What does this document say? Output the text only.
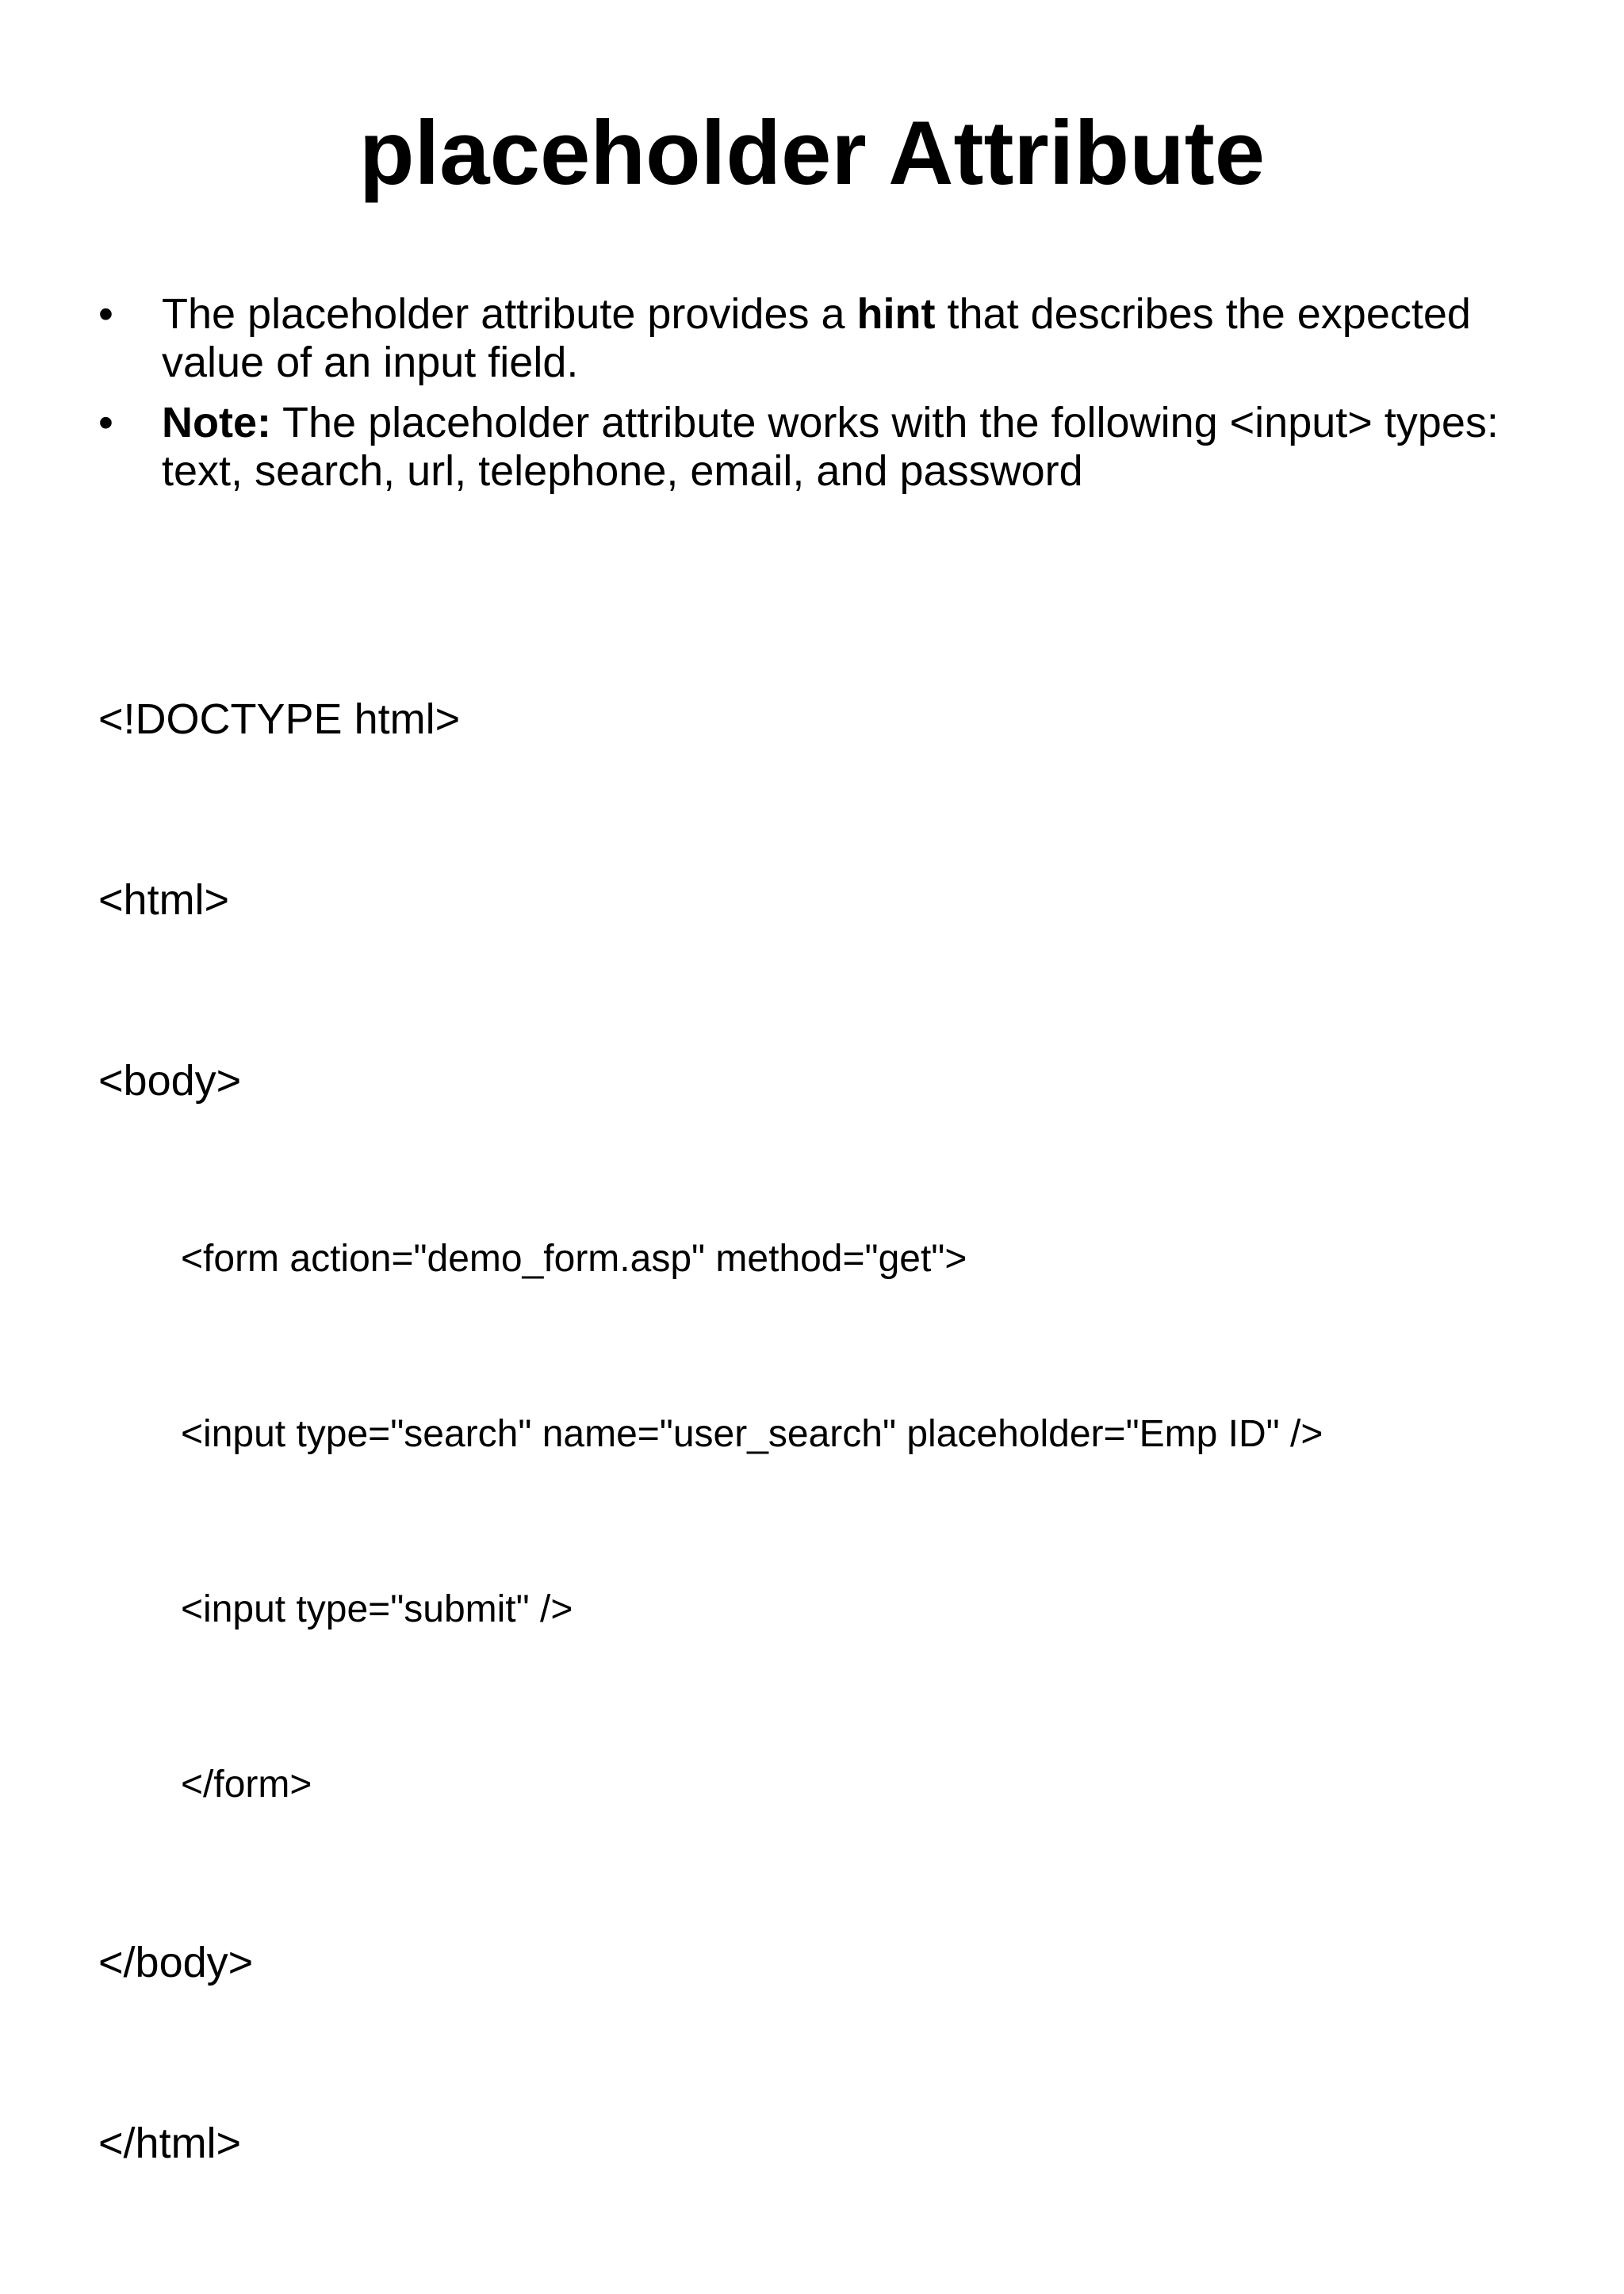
placeholder Attribute
•	The placeholder attribute provides a hint that describes the expected value of an input field.
•	Note: The placeholder attribute works with the following <input> types: text, search, url, telephone, email, and password

<!DOCTYPE html>

<html>

<body>

<form action="demo_form.asp" method="get">

<input type="search" name="user_search" placeholder="Emp ID" />

<input type="submit" />

</form>

</body>

</html>
